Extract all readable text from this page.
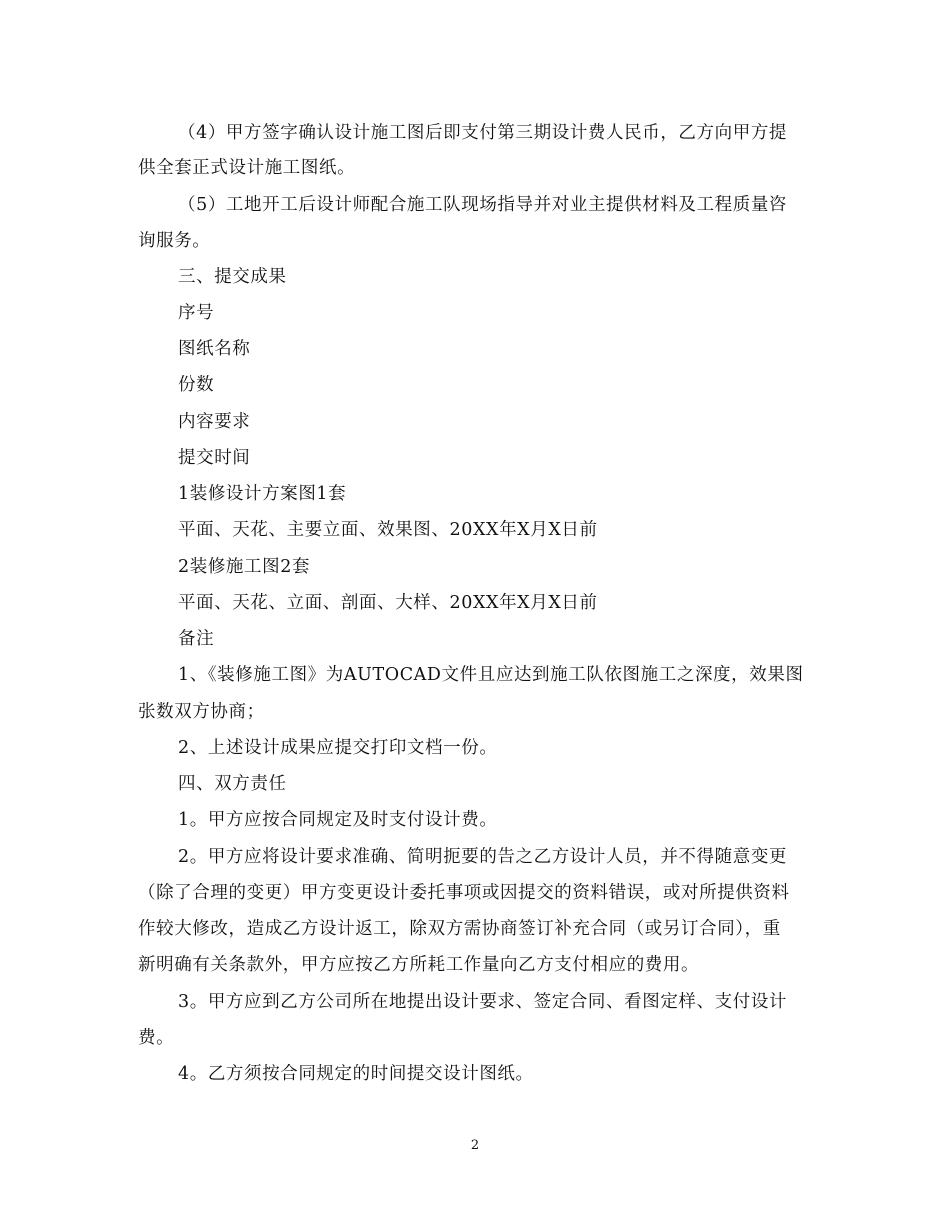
（4）甲方签字确认设计施工图后即支付第三期设计费人民币，乙方向甲方提
供全套正式设计施工图纸。
（5）工地开工后设计师配合施工队现场指导并对业主提供材料及工程质量咨
询服务。
三、提交成果
序号
图纸名称
份数
内容要求
提交时间
1装修设计方案图1套
平面、天花、主要立面、效果图、20XX年X月X日前
2装修施工图2套
平面、天花、立面、剖面、大样、20XX年X月X日前
备注
1、《装修施工图》为AUTOCAD文件且应达到施工队依图施工之深度，效果图
张数双方协商；
2、上述设计成果应提交打印文档一份。
四、双方责任
1。甲方应按合同规定及时支付设计费。
2。甲方应将设计要求准确、简明扼要的告之乙方设计人员，并不得随意变更
（除了合理的变更）甲方变更设计委托事项或因提交的资料错误，或对所提供资料
作较大修改，造成乙方设计返工，除双方需协商签订补充合同（或另订合同），重
新明确有关条款外，甲方应按乙方所耗工作量向乙方支付相应的费用。
3。甲方应到乙方公司所在地提出设计要求、签定合同、看图定样、支付设计
费。
4。乙方须按合同规定的时间提交设计图纸。
2
